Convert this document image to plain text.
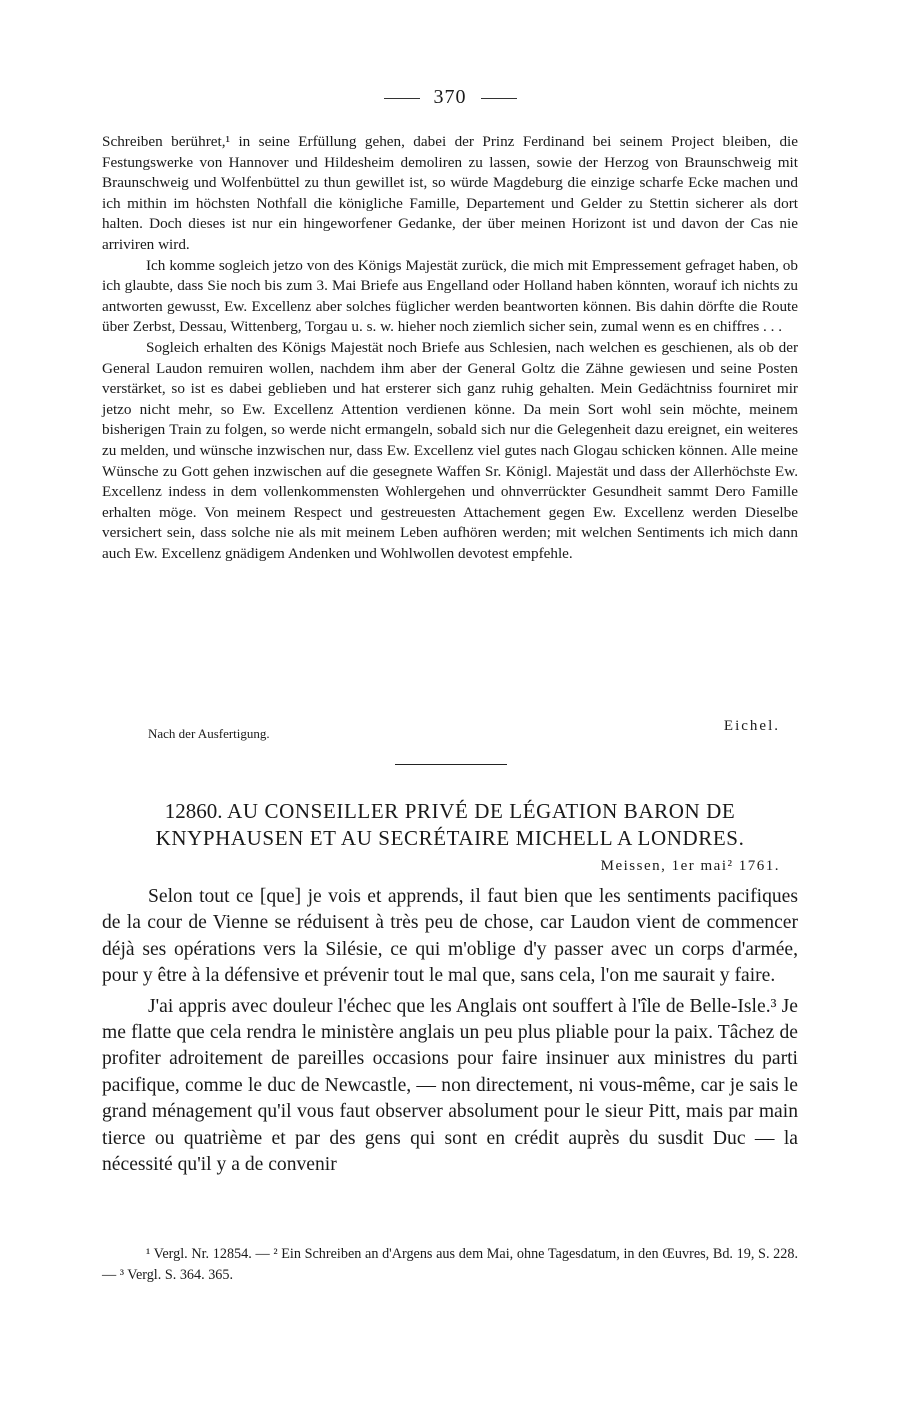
370

Schreiben berühret,¹ in seine Erfüllung gehen, dabei der Prinz Ferdinand bei seinem Project bleiben, die Festungswerke von Hannover und Hildesheim demoliren zu lassen, sowie der Herzog von Braunschweig mit Braunschweig und Wolfenbüttel zu thun gewillet ist, so würde Magdeburg die einzige scharfe Ecke machen und ich mithin im höchsten Nothfall die königliche Famille, Departement und Gelder zu Stettin sicherer als dort halten. Doch dieses ist nur ein hingeworfener Gedanke, der über meinen Horizont ist und davon der Cas nie arriviren wird.

Ich komme sogleich jetzo von des Königs Majestät zurück, die mich mit Empressement gefraget haben, ob ich glaubte, dass Sie noch bis zum 3. Mai Briefe aus Engelland oder Holland haben könnten, worauf ich nichts zu antworten gewusst, Ew. Excellenz aber solches füglicher werden beantworten können. Bis dahin dörfte die Route über Zerbst, Dessau, Wittenberg, Torgau u. s. w. hieher noch ziemlich sicher sein, zumal wenn es en chiffres . . .

Sogleich erhalten des Königs Majestät noch Briefe aus Schlesien, nach welchen es geschienen, als ob der General Laudon remuiren wollen, nachdem ihm aber der General Goltz die Zähne gewiesen und seine Posten verstärket, so ist es dabei geblieben und hat ersterer sich ganz ruhig gehalten. Mein Gedächtniss fourniret mir jetzo nicht mehr, so Ew. Excellenz Attention verdienen könne. Da mein Sort wohl sein möchte, meinem bisherigen Train zu folgen, so werde nicht ermangeln, sobald sich nur die Gelegenheit dazu ereignet, ein weiteres zu melden, und wünsche inzwischen nur, dass Ew. Excellenz viel gutes nach Glogau schicken können. Alle meine Wünsche zu Gott gehen inzwischen auf die gesegnete Waffen Sr. Königl. Majestät und dass der Allerhöchste Ew. Excellenz indess in dem vollenkommensten Wohlergehen und ohnverrückter Gesundheit sammt Dero Famille erhalten möge. Von meinem Respect und gestreuesten Attachement gegen Ew. Excellenz werden Dieselbe versichert sein, dass solche nie als mit meinem Leben aufhören werden; mit welchen Sentiments ich mich dann auch Ew. Excellenz gnädigem Andenken und Wohlwollen devotest empfehle.

Nach der Ausfertigung.	Eichel.
12860. AU CONSEILLER PRIVÉ DE LÉGATION BARON DE KNYPHAUSEN ET AU SECRÉTAIRE MICHELL A LONDRES.
Meissen, 1er mai² 1761.

Selon tout ce [que] je vois et apprends, il faut bien que les sentiments pacifiques de la cour de Vienne se réduisent à très peu de chose, car Laudon vient de commencer déjà ses opérations vers la Silésie, ce qui m'oblige d'y passer avec un corps d'armée, pour y être à la défensive et prévenir tout le mal que, sans cela, l'on me saurait y faire.

J'ai appris avec douleur l'échec que les Anglais ont souffert à l'île de Belle-Isle.³ Je me flatte que cela rendra le ministère anglais un peu plus pliable pour la paix. Tâchez de profiter adroitement de pareilles occasions pour faire insinuer aux ministres du parti pacifique, comme le duc de Newcastle, — non directement, ni vous-même, car je sais le grand ménagement qu'il vous faut observer absolument pour le sieur Pitt, mais par main tierce ou quatrième et par des gens qui sont en crédit auprès du susdit Duc — la nécessité qu'il y a de convenir

¹ Vergl. Nr. 12854. — ² Ein Schreiben an d'Argens aus dem Mai, ohne Tagesdatum, in den Œuvres, Bd. 19, S. 228. — ³ Vergl. S. 364. 365.
